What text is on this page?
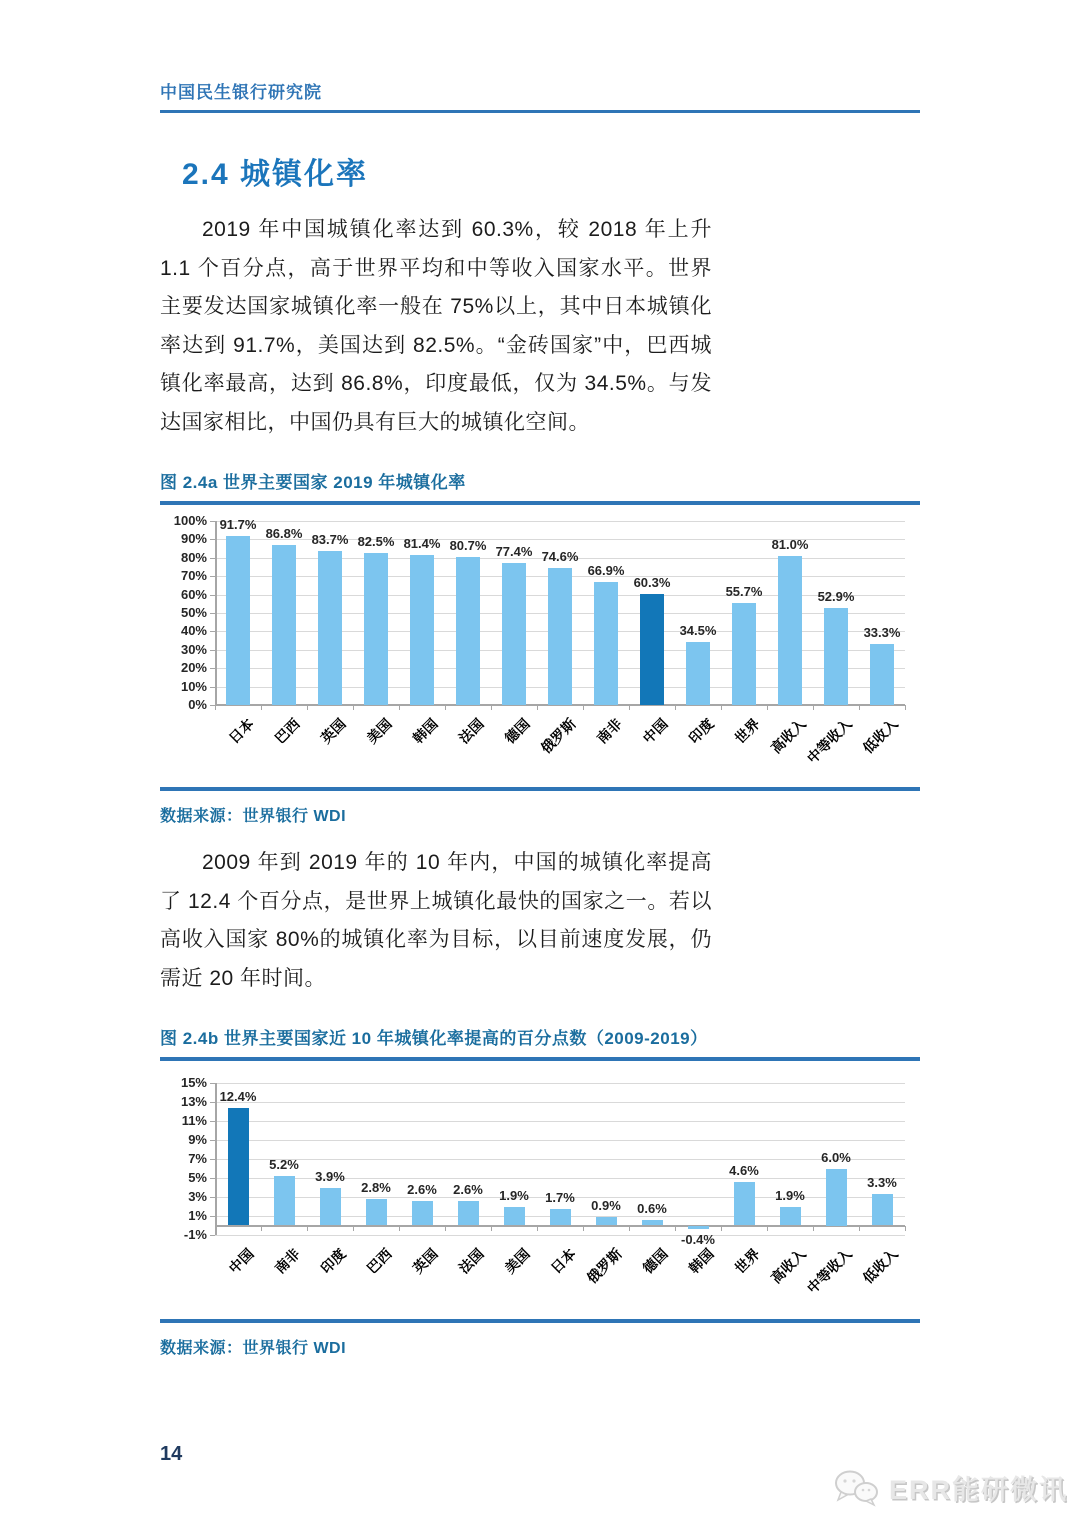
中国民生银行研究院
2.4 城镇化率

2019 年中国城镇化率达到 60.3%，较 2018 年上升 1.1 个百分点，高于世界平均和中等收入国家水平。世界主要发达国家城镇化率一般在 75%以上，其中日本城镇化率达到 91.7%，美国达到 82.5%。“金砖国家”中，巴西城镇化率最高，达到 86.8%，印度最低，仅为 34.5%。与发达国家相比，中国仍具有巨大的城镇化空间。

图 2.4a 世界主要国家 2019 年城镇化率
100%
90%
80%
70%
60%
50%
40%
30%
20%
10%
0%
91.7%
日本
86.8%
巴西
83.7%
英国
82.5%
美国
81.4%
韩国
80.7%
法国
77.4%
德国
74.6%
俄罗斯
66.9%
南非
60.3%
中国
34.5%
印度
55.7%
世界
81.0%
高收入
52.9%
中等收入
33.3%
低收入
数据来源：世界银行 WDI

2009 年到 2019 年的 10 年内，中国的城镇化率提高了 12.4 个百分点，是世界上城镇化最快的国家之一。若以高收入国家 80%的城镇化率为目标，以目前速度发展，仍需近 20 年时间。

图 2.4b 世界主要国家近 10 年城镇化率提高的百分点数（2009-2019）
15%
13%
11%
9%
7%
5%
3%
1%
-1%
12.4%
中国
5.2%
南非
3.9%
印度
2.8%
巴西
2.6%
英国
2.6%
法国
1.9%
美国
1.7%
日本
0.9%
俄罗斯
0.6%
德国
-0.4%
韩国
4.6%
世界
1.9%
高收入
6.0%
中等收入
3.3%
低收入
数据来源：世界银行 WDI
14
ERR能研微讯
